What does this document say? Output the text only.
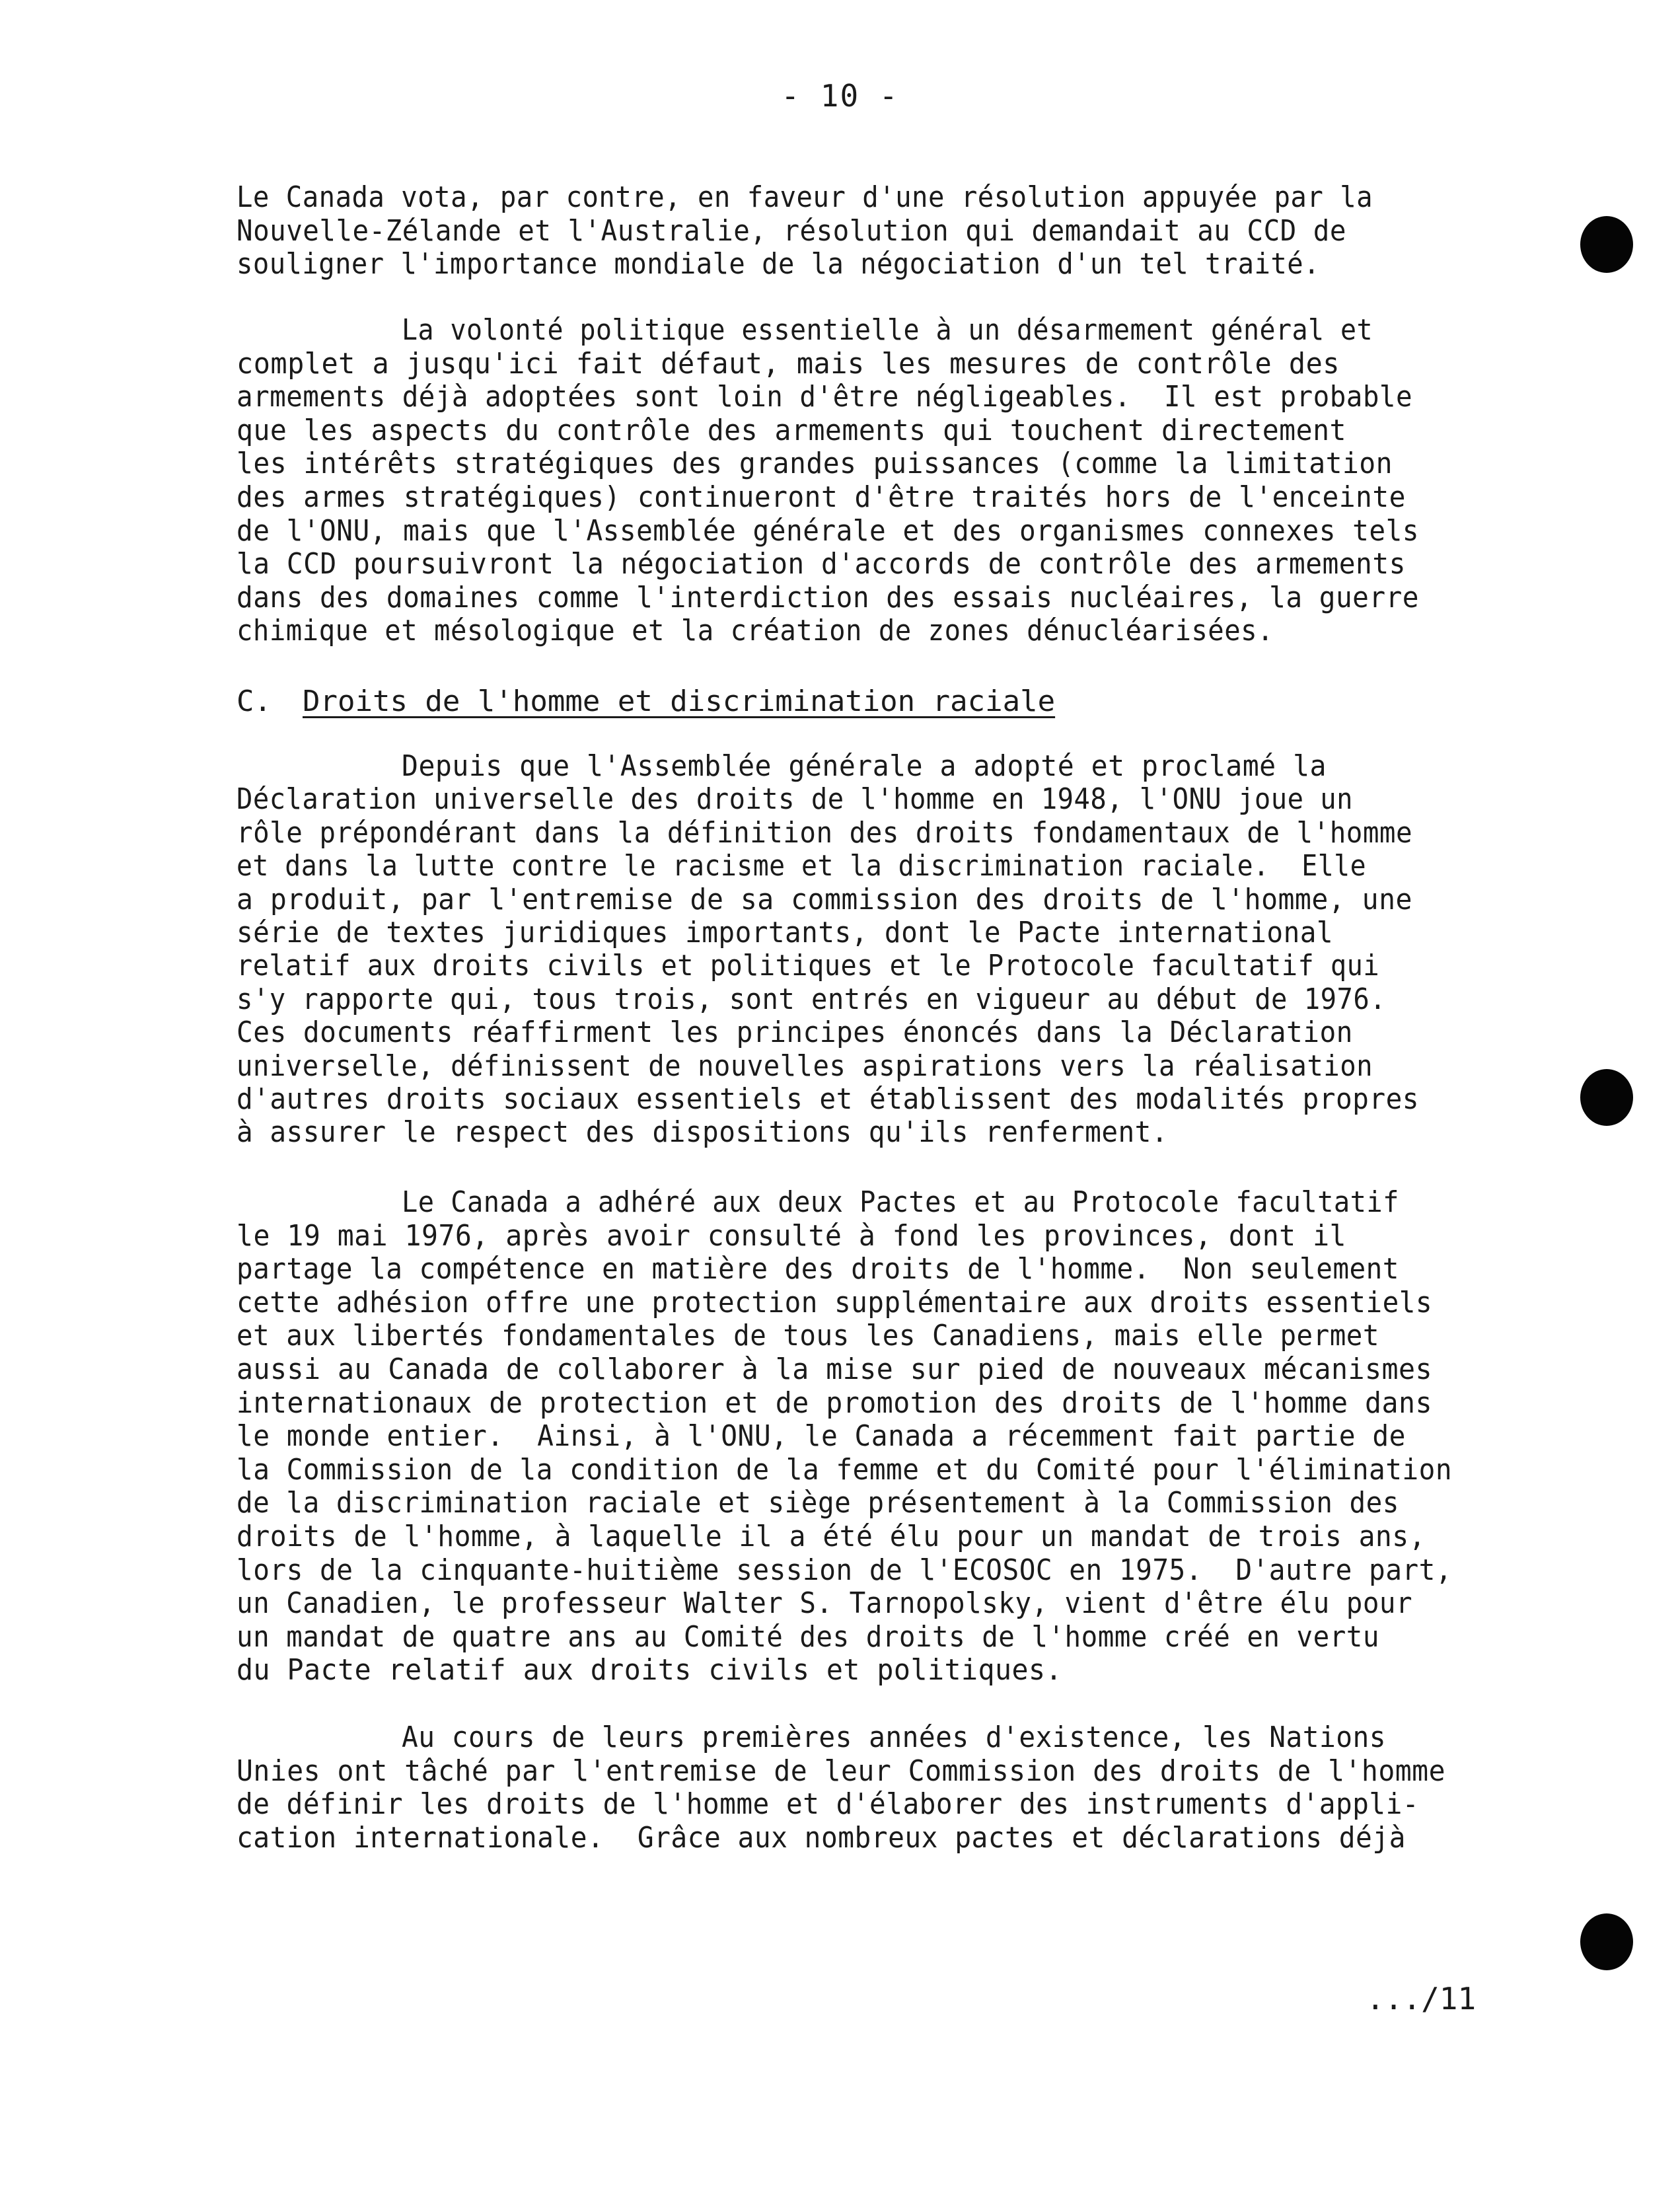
- 10 -
Le Canada vota, par contre, en faveur d'une résolution appuyée par la
Nouvelle-Zélande et l'Australie, résolution qui demandait au CCD de
souligner l'importance mondiale de la négociation d'un tel traité.
La volonté politique essentielle à un désarmement général et
complet a jusqu'ici fait défaut, mais les mesures de contrôle des
armements déjà adoptées sont loin d'être négligeables.  Il est probable
que les aspects du contrôle des armements qui touchent directement
les intérêts stratégiques des grandes puissances (comme la limitation
des armes stratégiques) continueront d'être traités hors de l'enceinte
de l'ONU, mais que l'Assemblée générale et des organismes connexes tels
la CCD poursuivront la négociation d'accords de contrôle des armements
dans des domaines comme l'interdiction des essais nucléaires, la guerre
chimique et mésologique et la création de zones dénucléarisées.
Depuis que l'Assemblée générale a adopté et proclamé la
Déclaration universelle des droits de l'homme en 1948, l'ONU joue un
rôle prépondérant dans la définition des droits fondamentaux de l'homme
et dans la lutte contre le racisme et la discrimination raciale.  Elle
a produit, par l'entremise de sa commission des droits de l'homme, une
série de textes juridiques importants, dont le Pacte international
relatif aux droits civils et politiques et le Protocole facultatif qui
s'y rapporte qui, tous trois, sont entrés en vigueur au début de 1976.
Ces documents réaffirment les principes énoncés dans la Déclaration
universelle, définissent de nouvelles aspirations vers la réalisation
d'autres droits sociaux essentiels et établissent des modalités propres
à assurer le respect des dispositions qu'ils renferment.
Le Canada a adhéré aux deux Pactes et au Protocole facultatif
le 19 mai 1976, après avoir consulté à fond les provinces, dont il
partage la compétence en matière des droits de l'homme.  Non seulement
cette adhésion offre une protection supplémentaire aux droits essentiels
et aux libertés fondamentales de tous les Canadiens, mais elle permet
aussi au Canada de collaborer à la mise sur pied de nouveaux mécanismes
internationaux de protection et de promotion des droits de l'homme dans
le monde entier.  Ainsi, à l'ONU, le Canada a récemment fait partie de
la Commission de la condition de la femme et du Comité pour l'élimination
de la discrimination raciale et siège présentement à la Commission des
droits de l'homme, à laquelle il a été élu pour un mandat de trois ans,
lors de la cinquante-huitième session de l'ECOSOC en 1975.  D'autre part,
un Canadien, le professeur Walter S. Tarnopolsky, vient d'être élu pour
un mandat de quatre ans au Comité des droits de l'homme créé en vertu
du Pacte relatif aux droits civils et politiques.
Au cours de leurs premières années d'existence, les Nations
Unies ont tâché par l'entremise de leur Commission des droits de l'homme
de définir les droits de l'homme et d'élaborer des instruments d'appli-
cation internationale.  Grâce aux nombreux pactes et déclarations déjà
C. Droits de l'homme et discrimination raciale
.../11
